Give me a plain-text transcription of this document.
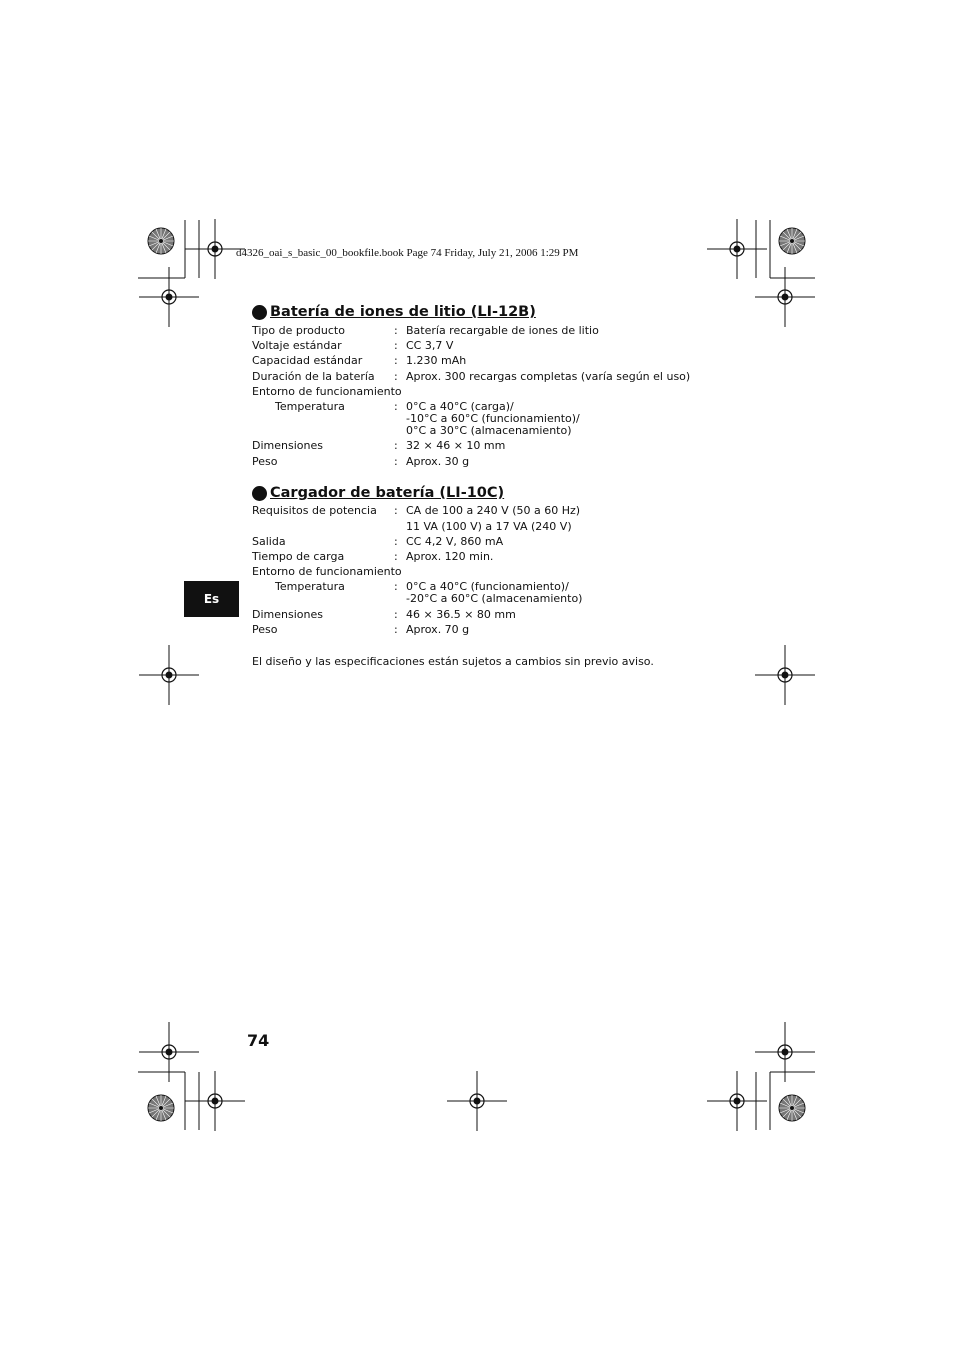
d4326_oai_s_basic_00_bookfile.book Page 74 Friday, July 21, 2006 1:29 PM
Batería de iones de litio (LI-12B)
Tipo de producto	: Batería recargable de iones de litio
Voltaje estándar	: CC 3,7 V
Capacidad estándar	: 1.230 mAh
Duración de la batería : Aprox. 300 recargas completas (varía según el uso)
Entorno de funcionamiento
Temperatura	: 0°C a 40°C (carga)/
-10°C a 60°C (funcionamiento)/
0°C a 30°C (almacenamiento)
Dimensiones	: 32 × 46 × 10 mm
Peso	: Aprox. 30 g
Cargador de batería (LI-10C)
Requisitos de potencia : CA de 100 a 240 V (50 a 60 Hz)
11 VA (100 V) a 17 VA (240 V)
Salida	: CC 4,2 V, 860 mA
Tiempo de carga	: Aprox. 120 min.
Entorno de funcionamiento
Temperatura	: 0°C a 40°C (funcionamiento)/
-20°C a 60°C (almacenamiento)
Dimensiones	: 46 × 36.5 × 80 mm
Peso	: Aprox. 70 g
Es
El diseño y las especificaciones están sujetos a cambios sin previo aviso.
74
